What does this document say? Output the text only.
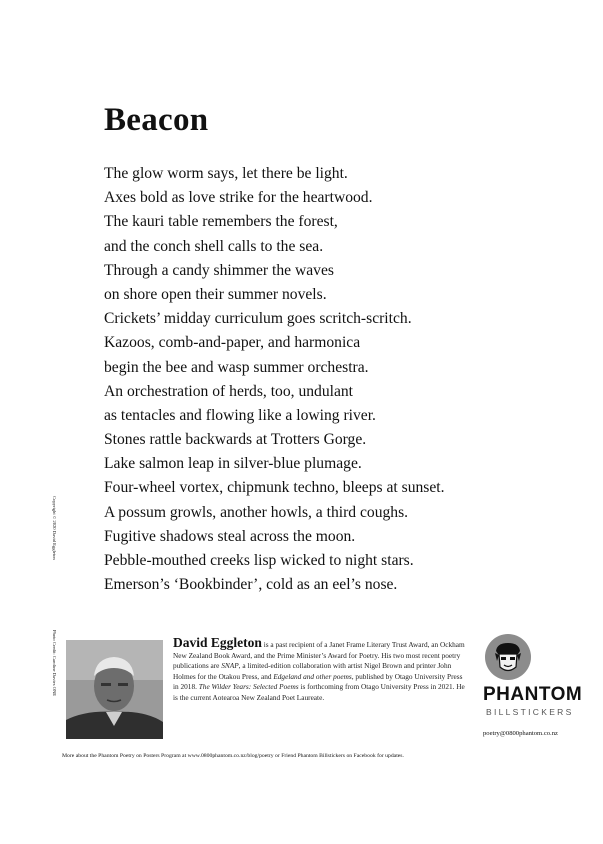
Beacon
The glow worm says, let there be light.
Axes bold as love strike for the heartwood.
The kauri table remembers the forest,
and the conch shell calls to the sea.
Through a candy shimmer the waves
on shore open their summer novels.
Crickets’ midday curriculum goes scritch-scritch.
Kazoos, comb-and-paper, and harmonica
begin the bee and wasp summer orchestra.
An orchestration of herds, too, undulant
as tentacles and flowing like a lowing river.
Stones rattle backwards at Trotters Gorge.
Lake salmon leap in silver-blue plumage.
Four-wheel vortex, chipmunk techno, bleeps at sunset.
A possum growls, another howls, a third coughs.
Fugitive shadows steal across the moon.
Pebble-mouthed creeks lisp wicked to night stars.
Emerson’s ‘Bookbinder’, cold as an eel’s nose.
Copyright © 2020 David Eggleton
Photo Credit: Caroline Davies ONE	David Eggleton is a past recipient of a Janet Frame Literary Trust Award, an Ockham New Zealand Book Award, and the Prime Minister’s Award for Poetry. His two most recent poetry publications are SNAP, a limited-edition collaboration with artist Nigel Brown and printer John Holmes for the Otakou Press, and Edgeland and other poems, published by Otago University Press in 2018. The Wilder Years: Selected Poems is forthcoming from Otago University Press in 2021. He is the current Aotearoa New Zealand Poet Laureate.	PHANTOM
BILLSTICKERS
poetry@0800phantom.co.nz
More about the Phantom Poetry on Posters Program at www.0800phantom.co.nz/blog/poetry or Friend Phantom Billstickers on Facebook for updates.
